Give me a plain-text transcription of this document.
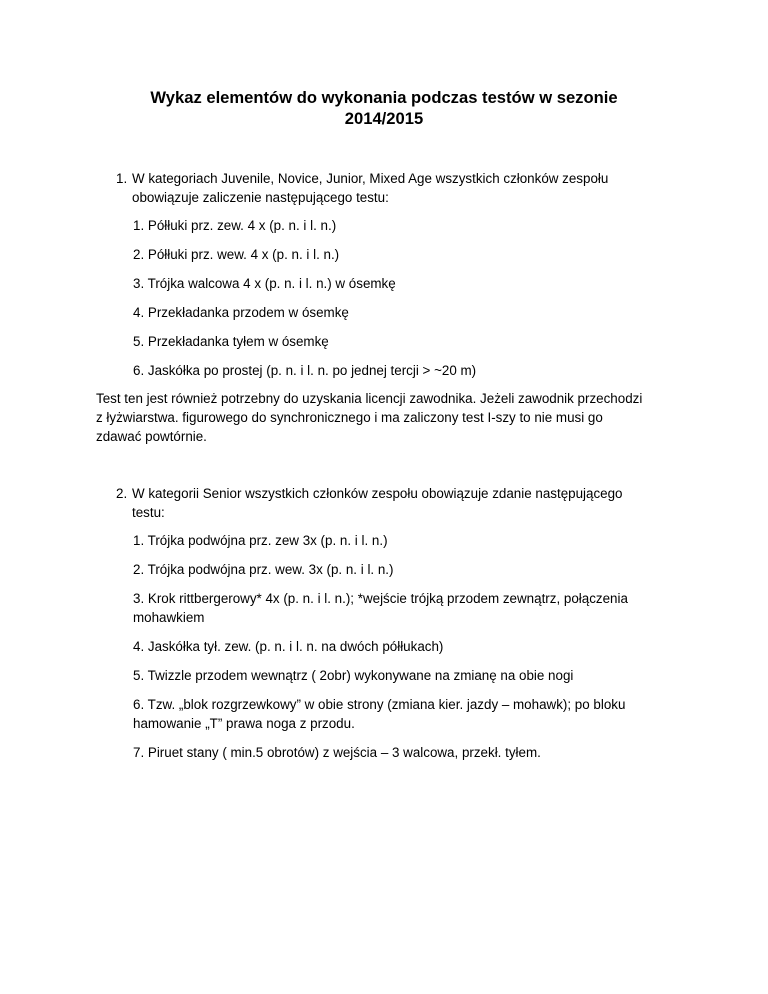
Wykaz elementów do wykonania podczas testów w sezonie
2014/2015
1. W kategoriach Juvenile, Novice, Junior, Mixed Age wszystkich członków zespołu
obowiązuje zaliczenie następującego testu:
1. Półłuki prz. zew. 4 x (p. n. i l. n.)
2. Półłuki prz. wew. 4 x (p. n. i l. n.)
3. Trójka walcowa 4 x (p. n. i l. n.) w ósemkę
4. Przekładanka przodem w ósemkę
5. Przekładanka tyłem w ósemkę
6. Jaskółka po prostej (p. n. i l. n. po jednej tercji > ~20 m)
Test ten jest również potrzebny do uzyskania licencji zawodnika. Jeżeli zawodnik przechodzi
z łyżwiarstwa. figurowego do synchronicznego i ma zaliczony test I-szy to nie musi go
zdawać powtórnie.
2. W kategorii Senior wszystkich członków zespołu obowiązuje zdanie następującego
testu:
1. Trójka podwójna prz. zew 3x (p. n. i l. n.)
2. Trójka podwójna prz. wew. 3x (p. n. i l. n.)
3. Krok rittbergerowy* 4x (p. n. i l. n.); *wejście trójką przodem zewnątrz, połączenia
mohawkiem
4. Jaskółka tył. zew. (p. n. i l. n. na dwóch półłukach)
5. Twizzle przodem wewnątrz ( 2obr) wykonywane na zmianę na obie nogi
6. Tzw. „blok rozgrzewkowy” w obie strony (zmiana kier. jazdy – mohawk); po bloku
hamowanie „T” prawa noga z przodu.
7. Piruet stany ( min.5 obrotów) z wejścia – 3 walcowa, przekł. tyłem.
